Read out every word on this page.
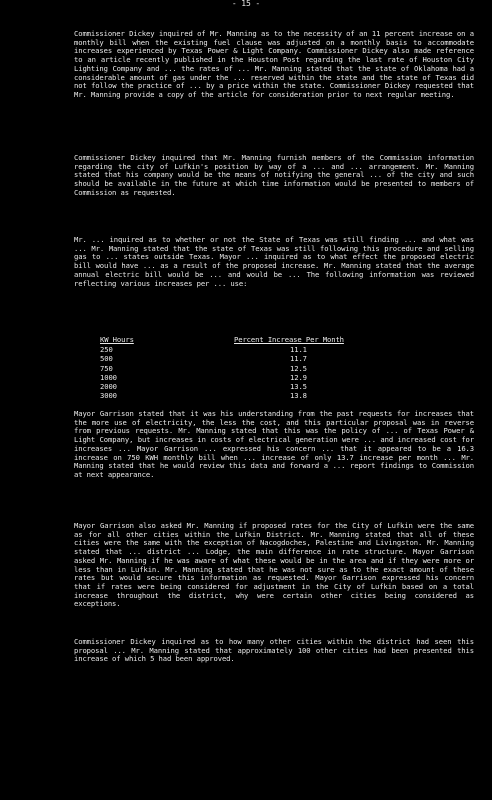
- 15 -
Commissioner Dickey inquired of Mr. Manning as to the necessity of an 11 percent increase on a monthly bill when the existing fuel clause was adjusted on a monthly basis to accommodate increases experienced by Texas Power & Light Company. Commissioner Dickey also made reference to an article recently published in the Houston Post regarding the last rate of Houston City Lighting Company and ... the rates of ... Mr. Manning stated that the state of Oklahoma had a considerable amount of gas under the ... reserved within the state and the state of Texas did not follow the practice of ... by a price within the state. Commissioner Dickey requested that Mr. Manning provide a copy of the article for consideration prior to next regular meeting.
Commissioner Dickey inquired that Mr. Manning furnish members of the Commission information regarding the city of Lufkin's position by way of a ... and ... arrangement. Mr. Manning stated that his company would be the means of notifying the general ... of the city and such should be available in the future at which time information would be presented to members of Commission as requested.
Mr. ... inquired as to whether or not the State of Texas was still finding ... and what was ... Mr. Manning stated that the state of Texas was still following this procedure and selling gas to ... states outside Texas. Mayor ... inquired as to what effect the proposed electric bill would have ... as a result of the proposed increase. Mr. Manning stated that the average annual electric bill would be ... and would be ... The following information was reviewed reflecting various increases per ... use:
KW Hours	Percent Increase Per Month
250	11.1
500	11.7
750	12.5
1000	12.9
2000	13.5
3000	13.8
Mayor Garrison stated that it was his understanding from the past requests for increases that the more use of electricity, the less the cost, and this particular proposal was in reverse from previous requests. Mr. Manning stated that this was the policy of ... of Texas Power & Light Company, but increases in costs of electrical generation were ... and increased cost for increases ... Mayor Garrison ... expressed his concern ... that it appeared to be a 16.3 increase on 750 KWH monthly bill when ... increase of only 13.7 increase per month ... Mr. Manning stated that he would review this data and forward a ... report findings to Commission at next appearance.
Mayor Garrison also asked Mr. Manning if proposed rates for the City of Lufkin were the same as for all other cities within the Lufkin District. Mr. Manning stated that all of these cities were the same with the exception of Nacogdoches, Palestine and Livingston. Mr. Manning stated that ... district ... Lodge, the main difference in rate structure. Mayor Garrison asked Mr. Manning if he was aware of what these would be in the area and if they were more or less than in Lufkin. Mr. Manning stated that he was not sure as to the exact amount of these rates but would secure this information as requested. Mayor Garrison expressed his concern that if rates were being considered for adjustment in the City of Lufkin based on a total increase throughout the district, why were certain other cities being considered as exceptions.
Commissioner Dickey inquired as to how many other cities within the district had seen this proposal ... Mr. Manning stated that approximately 100 other cities had been presented this increase of which 5 had been approved.
